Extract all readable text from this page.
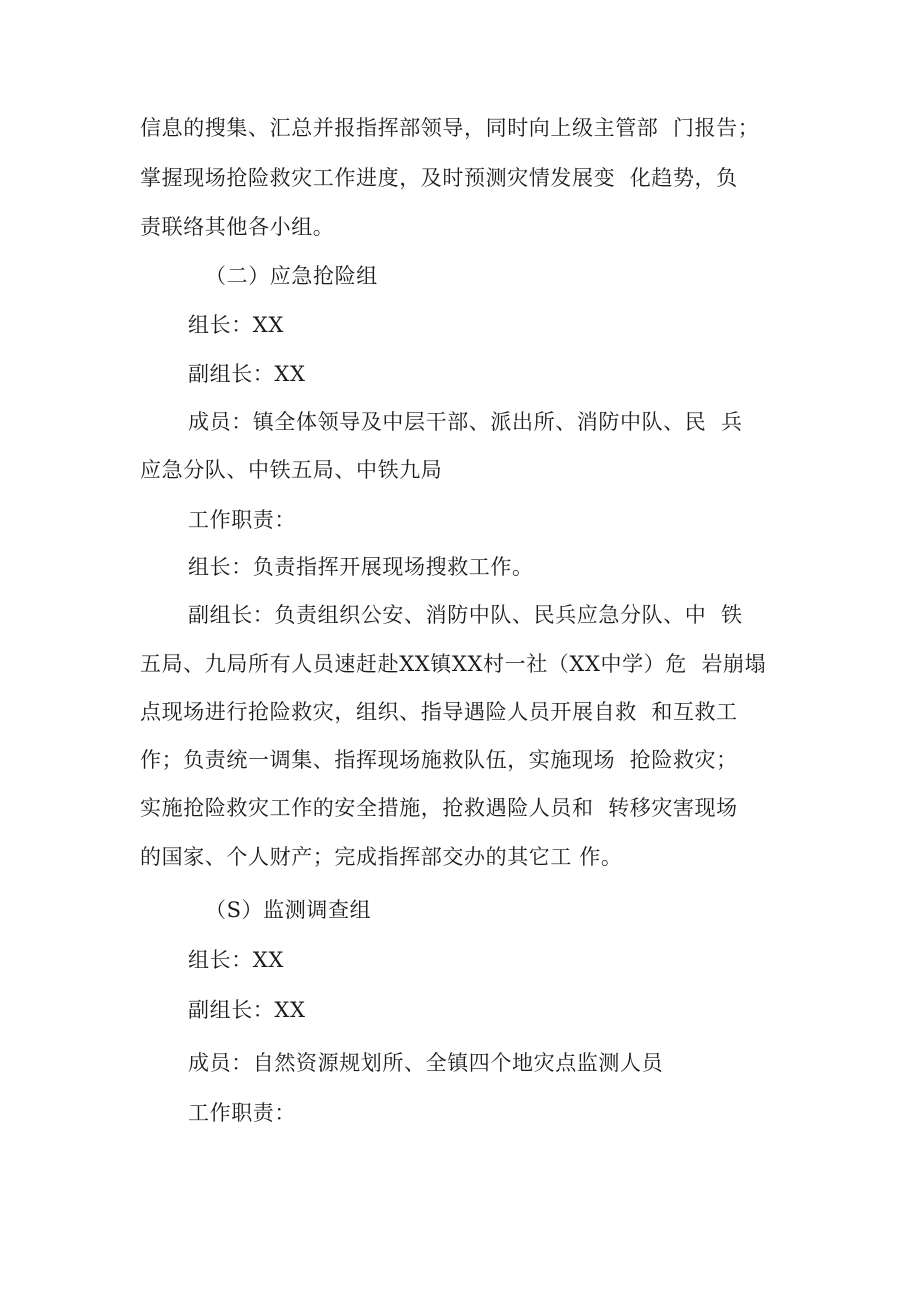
信息的搜集、汇总并报指挥部领导，同时向上级主管部  门报告；
掌握现场抢险救灾工作进度，及时预测灾情发展变  化趋势，负
责联络其他各小组。
（二）应急抢险组
组长：XX
副组长：XX
成员：镇全体领导及中层干部、派出所、消防中队、民  兵
应急分队、中铁五局、中铁九局
工作职责：
组长：负责指挥开展现场搜救工作。
副组长：负责组织公安、消防中队、民兵应急分队、中  铁
五局、九局所有人员速赶赴XX镇XX村一社（XX中学）危  岩崩塌
点现场进行抢险救灾，组织、指导遇险人员开展自救  和互救工
作；负责统一调集、指挥现场施救队伍，实施现场  抢险救灾；
实施抢险救灾工作的安全措施，抢救遇险人员和  转移灾害现场
的国家、个人财产；完成指挥部交办的其它工 作。
（S）监测调查组
组长：XX
副组长：XX
成员：自然资源规划所、全镇四个地灾点监测人员
工作职责：
